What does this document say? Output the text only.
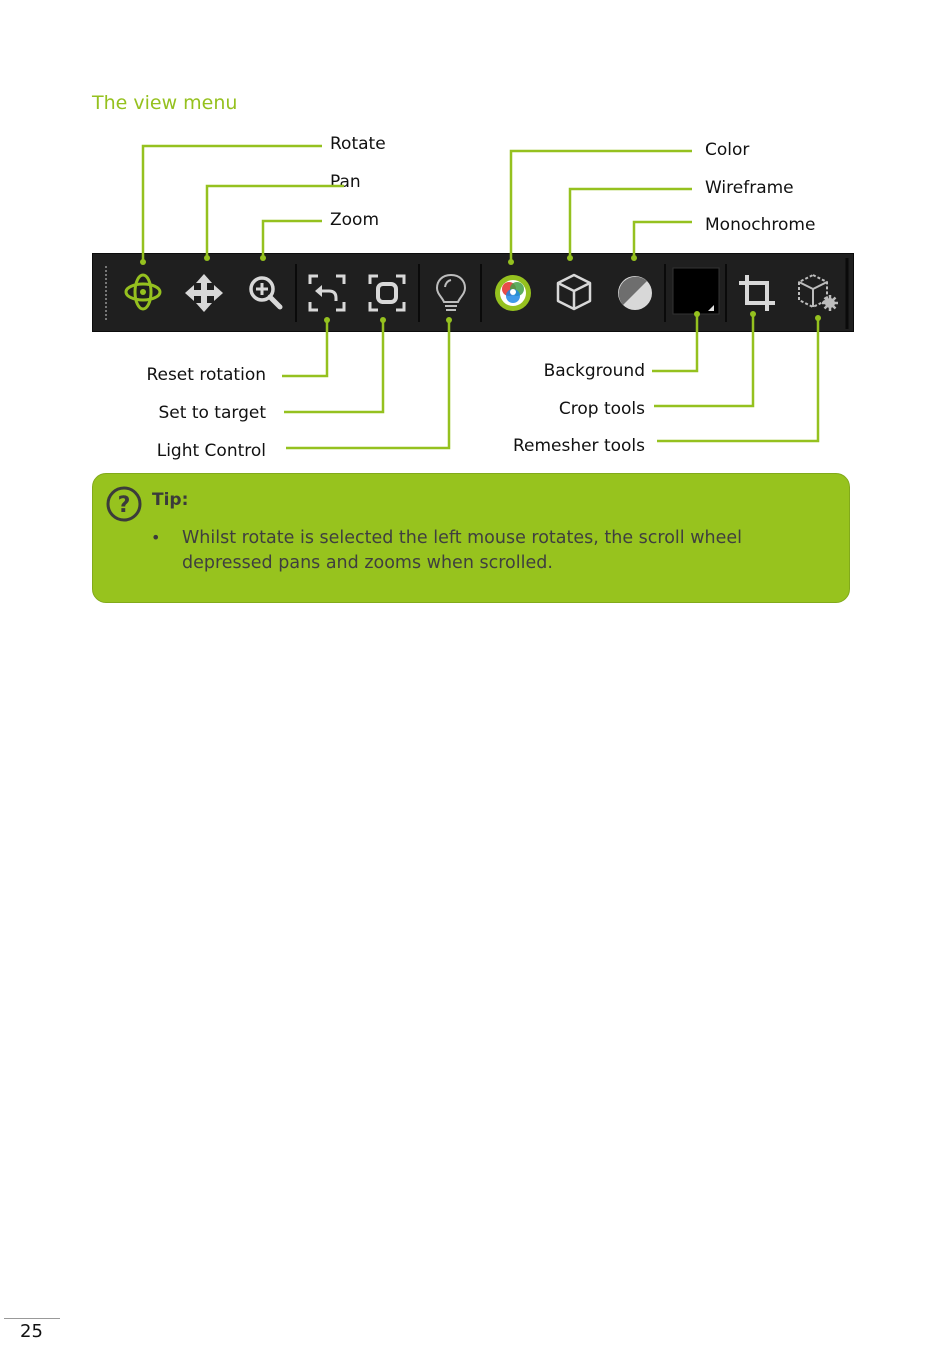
The view menu
Rotate
Pan
Zoom
Color
Wireframe
Monochrome
Reset rotation
Set to target
Light Control
Background
Crop tools
Remesher tools
? Tip:
• Whilst rotate is selected the left mouse rotates, the scroll wheel depressed pans and zooms when scrolled.
25
